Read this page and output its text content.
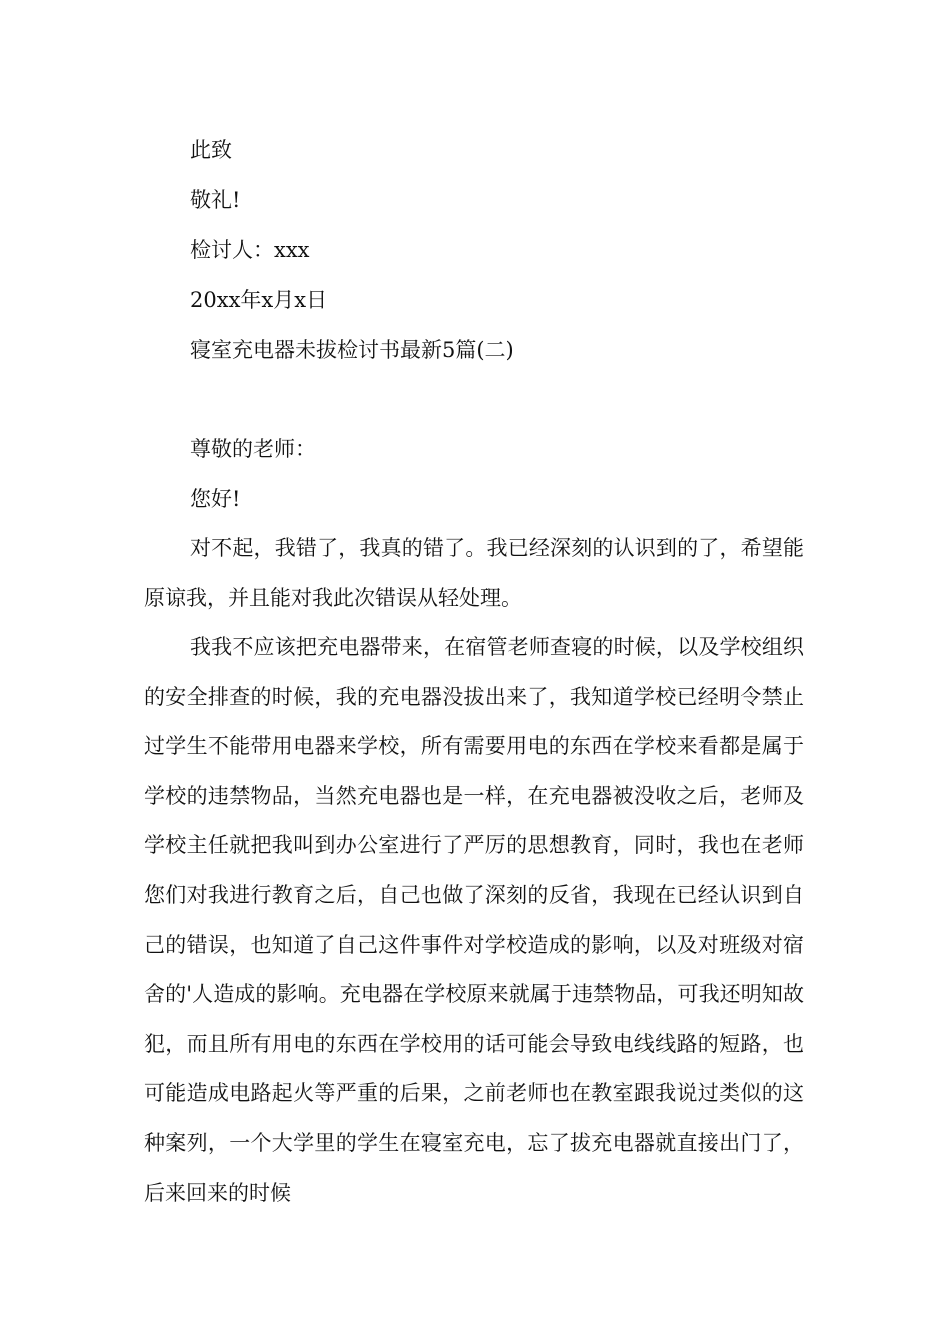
此致
敬礼!
检讨人：xxx
20xx年x月x日
寝室充电器未拔检讨书最新5篇(二)
尊敬的老师：
您好!

对不起，我错了，我真的错了。我已经深刻的认识到的了，希望能原谅我，并且能对我此次错误从轻处理。

我我不应该把充电器带来，在宿管老师查寝的时候，以及学校组织的安全排查的时候，我的充电器没拔出来了，我知道学校已经明令禁止过学生不能带用电器来学校，所有需要用电的东西在学校来看都是属于学校的违禁物品，当然充电器也是一样，在充电器被没收之后，老师及学校主任就把我叫到办公室进行了严厉的思想教育，同时，我也在老师您们对我进行教育之后，自己也做了深刻的反省，我现在已经认识到自己的错误，也知道了自己这件事件对学校造成的影响，以及对班级对宿舍的'人造成的影响。充电器在学校原来就属于违禁物品，可我还明知故犯，而且所有用电的东西在学校用的话可能会导致电线线路的短路，也可能造成电路起火等严重的后果，之前老师也在教室跟我说过类似的这种案列，一个大学里的学生在寝室充电，忘了拔充电器就直接出门了，后来回来的时候
